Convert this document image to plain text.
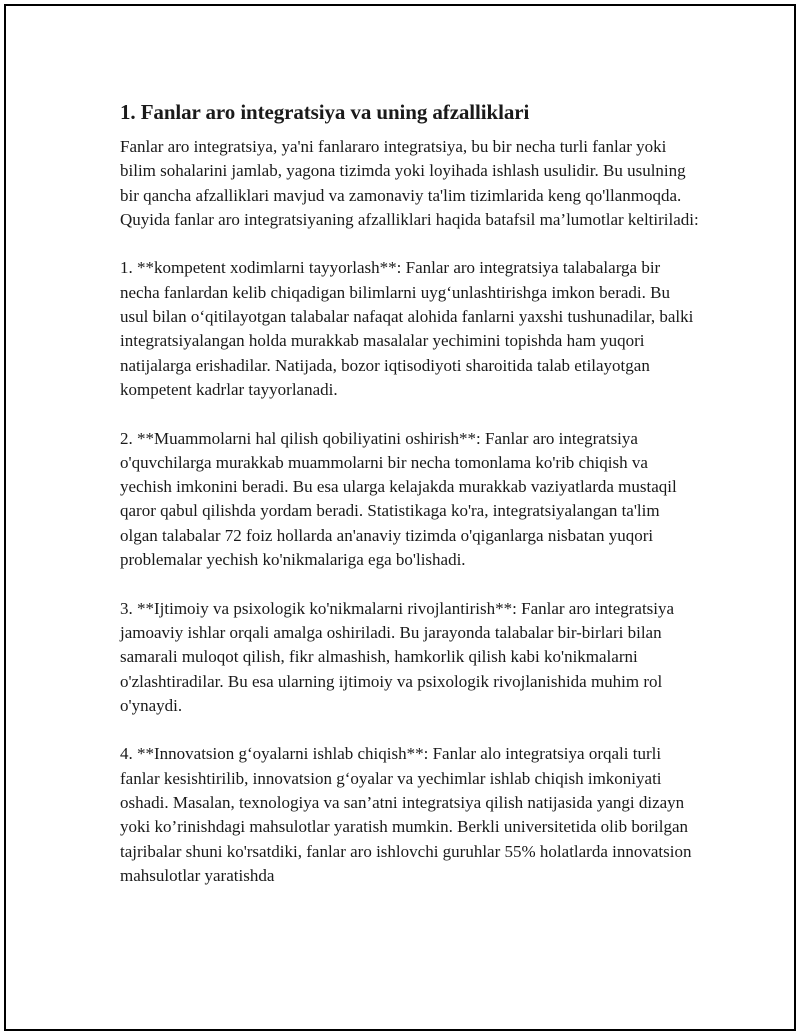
1. Fanlar aro integratsiya va uning afzalliklari

Fanlar aro integratsiya, ya'ni fanlararo integratsiya, bu bir necha turli fanlar yoki bilim sohalarini jamlab, yagona tizimda yoki loyihada ishlash usulidir. Bu usulning bir qancha afzalliklari mavjud va zamonaviy ta'lim tizimlarida keng qo'llanmoqda. Quyida fanlar aro integratsiyaning afzalliklari haqida batafsil ma’lumotlar keltiriladi:

1. **kompetent xodimlarni tayyorlash**: Fanlar aro integratsiya talabalarga bir necha fanlardan kelib chiqadigan bilimlarni uyg‘unlashtirishga imkon beradi. Bu usul bilan o‘qitilayotgan talabalar nafaqat alohida fanlarni yaxshi tushunadilar, balki integratsiyalangan holda murakkab masalalar yechimini topishda ham yuqori natijalarga erishadilar. Natijada, bozor iqtisodiyoti sharoitida talab etilayotgan kompetent kadrlar tayyorlanadi.

2. **Muammolarni hal qilish qobiliyatini oshirish**: Fanlar aro integratsiya o'quvchilarga murakkab muammolarni bir necha tomonlama ko'rib chiqish va yechish imkonini beradi. Bu esa ularga kelajakda murakkab vaziyatlarda mustaqil qaror qabul qilishda yordam beradi. Statistikaga ko'ra, integratsiyalangan ta'lim olgan talabalar 72 foiz hollarda an'anaviy tizimda o'qiganlarga nisbatan yuqori problemalar yechish ko'nikmalariga ega bo'lishadi.

3. **Ijtimoiy va psixologik ko'nikmalarni rivojlantirish**: Fanlar aro integratsiya jamoaviy ishlar orqali amalga oshiriladi. Bu jarayonda talabalar bir-birlari bilan samarali muloqot qilish, fikr almashish, hamkorlik qilish kabi ko'nikmalarni o'zlashtiradilar. Bu esa ularning ijtimoiy va psixologik rivojlanishida muhim rol o'ynaydi.

4. **Innovatsion g‘oyalarni ishlab chiqish**: Fanlar alo integratsiya orqali turli fanlar kesishtirilib, innovatsion g‘oyalar va yechimlar ishlab chiqish imkoniyati oshadi. Masalan, texnologiya va san’atni integratsiya qilish natijasida yangi dizayn yoki ko’rinishdagi mahsulotlar yaratish mumkin. Berkli universitetida olib borilgan tajribalar shuni ko'rsatdiki, fanlar aro ishlovchi guruhlar 55% holatlarda innovatsion mahsulotlar yaratishda
